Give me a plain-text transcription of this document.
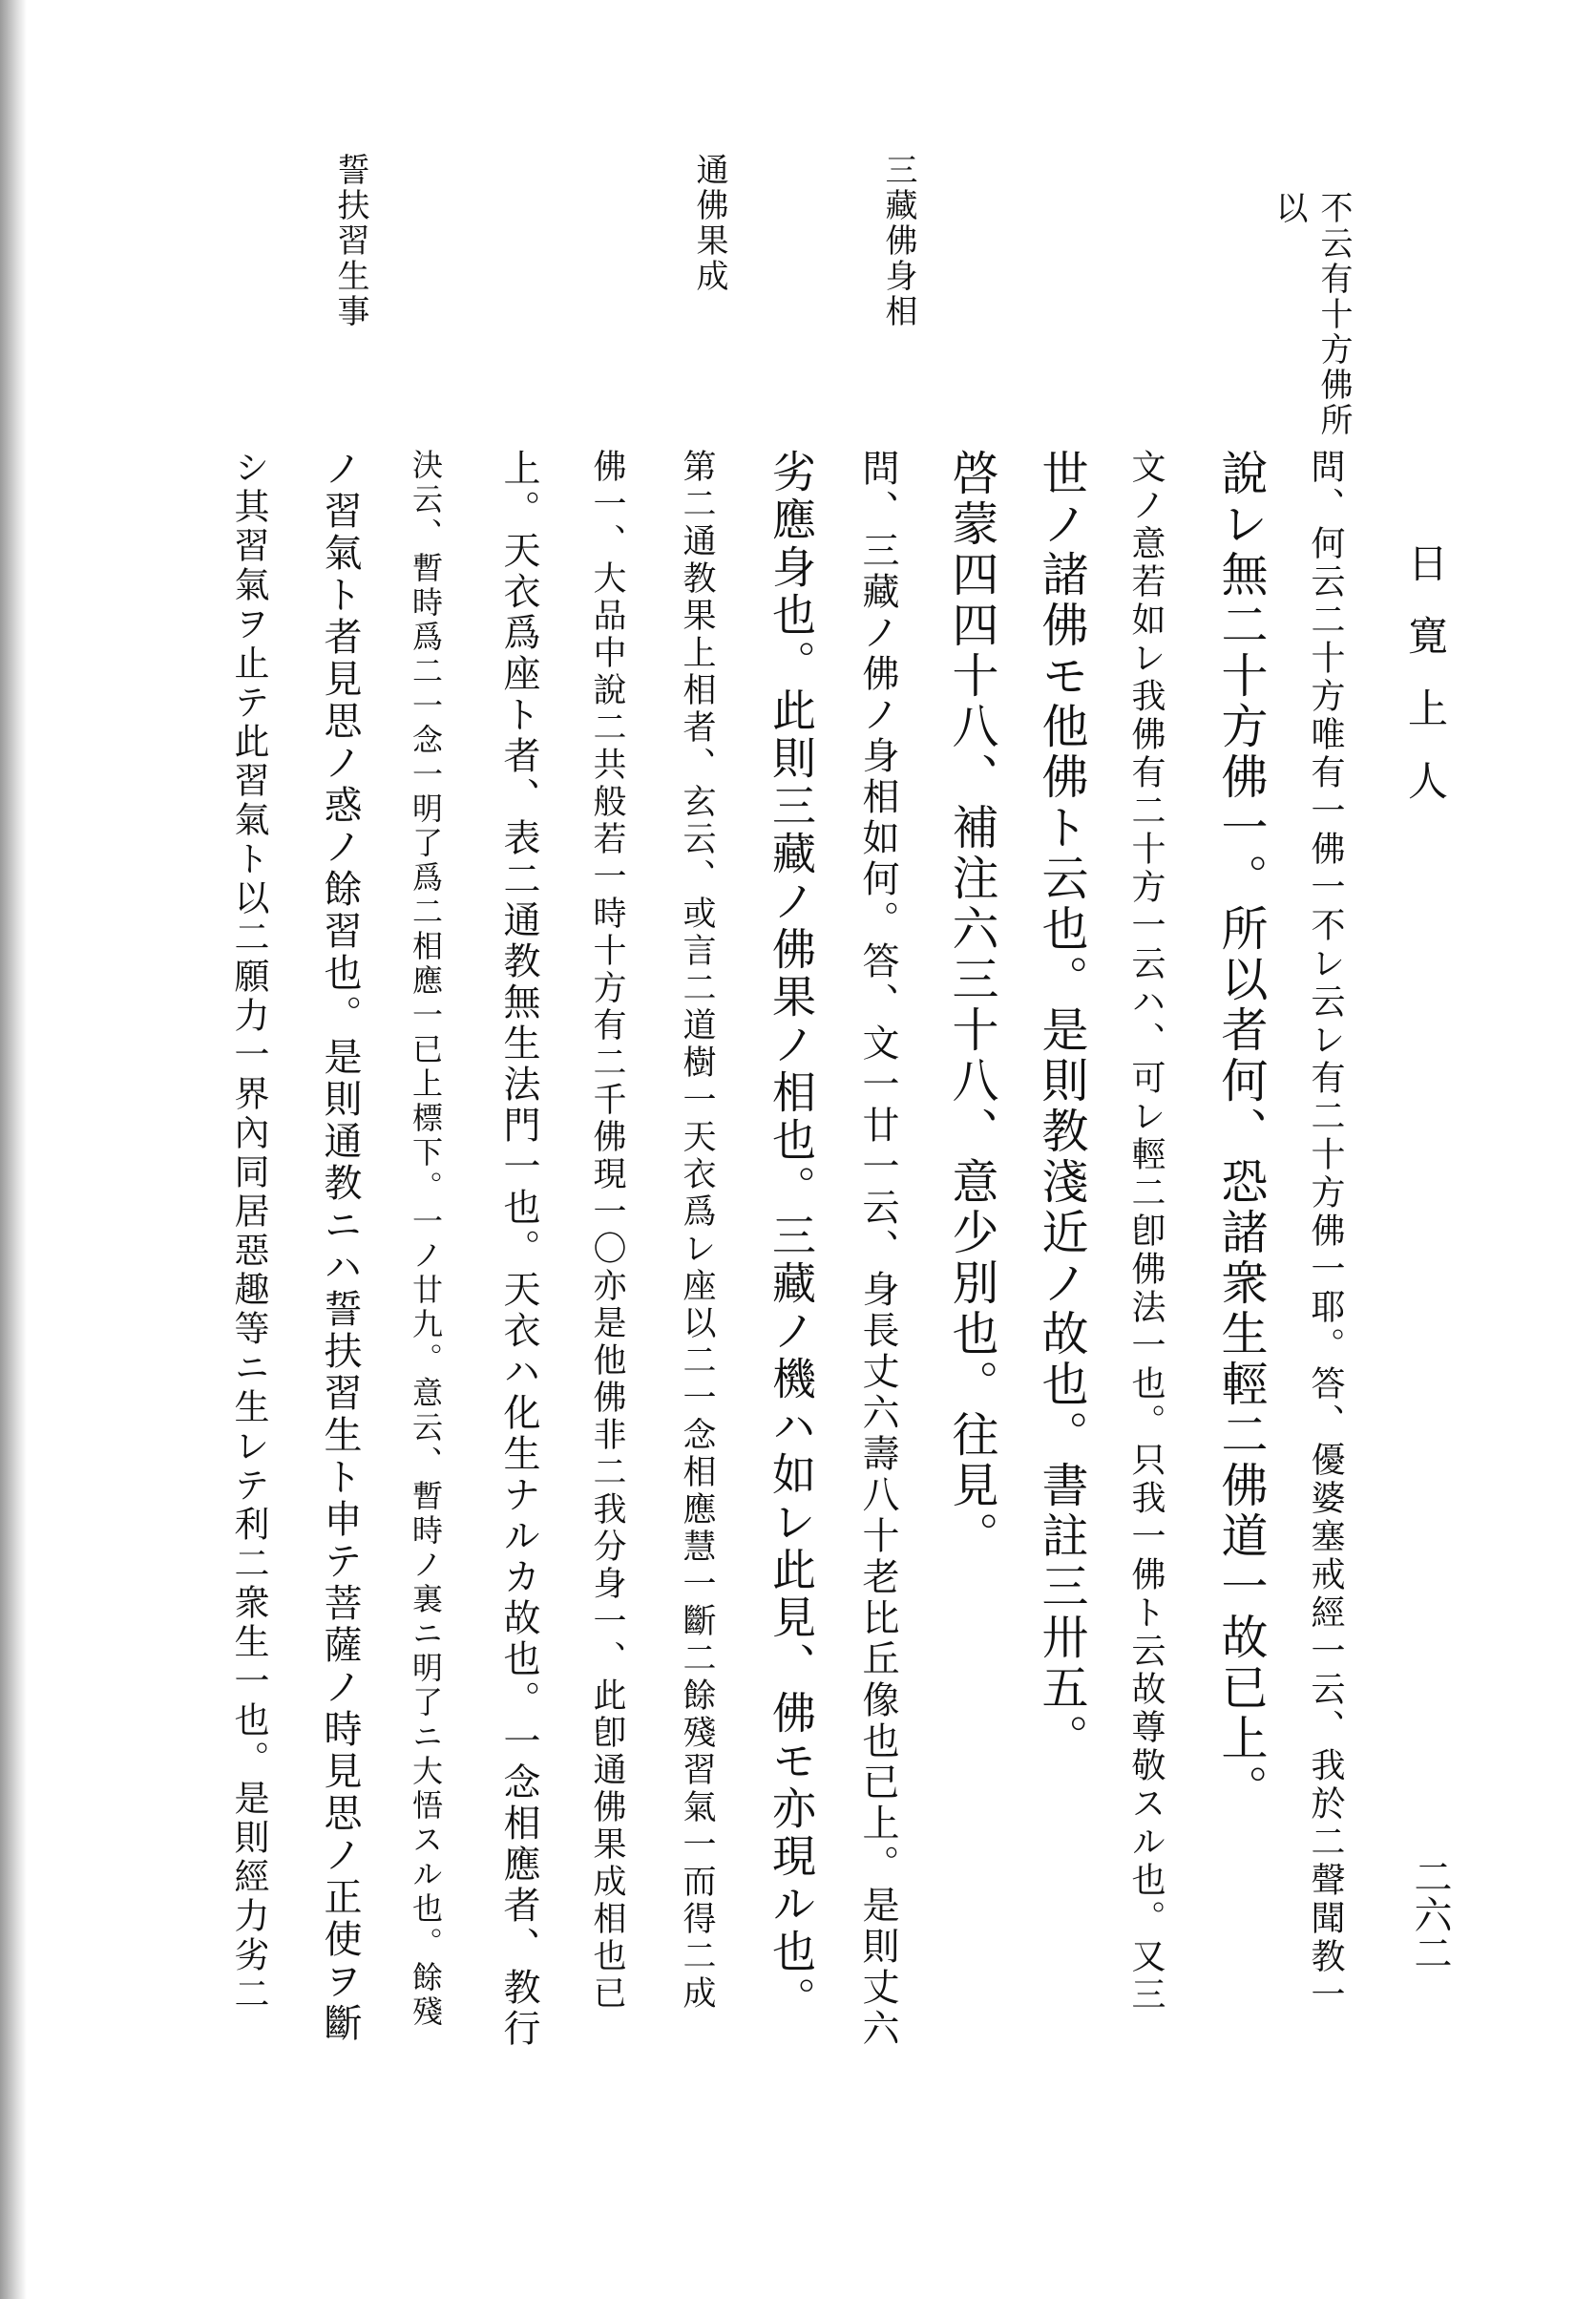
日寛上人
二六二
不云有十方佛所
以
三藏佛身相
通佛果成
誓扶習生事
問、何云二十方唯有一佛一不レ云レ有二十方佛一耶。答、優婆塞戒經一云、我於二聲聞教一
說レ無二十方佛一。所以者何、恐諸衆生輕二佛道一故已上。
文ノ意若如レ我佛有二十方一云ハ、可レ輕二卽佛法一也。只我一佛ト云故尊敬スル也。又三
世ノ諸佛モ他佛ト云也。是則教淺近ノ故也。書註三卅五。
啓蒙四四十八、補注六三十八、意少別也。往見。
問、三藏ノ佛ノ身相如何。答、文一廿一云、身長丈六壽八十老比丘像也已上。是則丈六
劣應身也。此則三藏ノ佛果ノ相也。三藏ノ機ハ如レ此見、佛モ亦現ル也。
第二通教果上相者、玄云、或言二道樹一天衣爲レ座以二一念相應慧一斷二餘殘習氣一而得二成
佛一、大品中說二共般若一時十方有二千佛現一〇亦是他佛非二我分身一、此卽通佛果成相也已
上。天衣爲座ト者、表二通教無生法門一也。天衣ハ化生ナルカ故也。一念相應者、教行
決云、暫時爲二一念一明了爲二相應一已上標下。一ノ廿九。意云、暫時ノ裏ニ明了ニ大悟スル也。餘殘
ノ習氣ト者見思ノ惑ノ餘習也。是則通教ニハ誓扶習生ト申テ菩薩ノ時見思ノ正使ヲ斷
シ其習氣ヲ止テ此習氣ト以二願力一界內同居惡趣等ニ生レテ利二衆生一也。是則經力劣二
